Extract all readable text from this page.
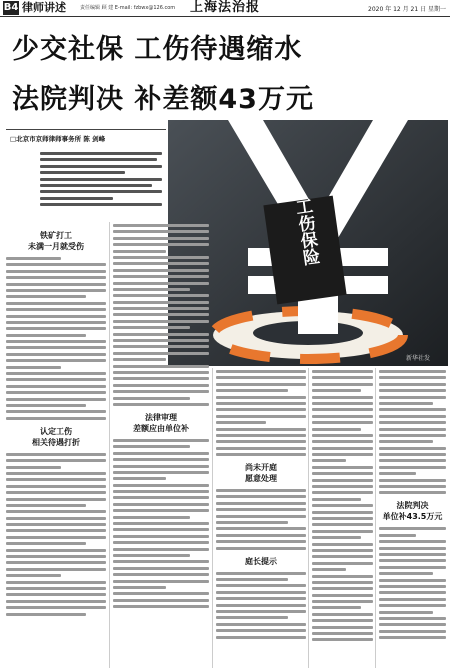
B4 律师讲述	责任编辑 顾 建 E-mail: fzbwx@126.com 上海法治报	2020 年 12 月 21 日 星期一
少交社保 工伤待遇缩水
法院判决 补差额43万元
□北京市京师律师事务所 陈 剑峰
工伤保险
新华社发
铁矿打工
未满一月就受伤
认定工伤
相关待遇打折
法律审理
差额应由单位补
尚未开庭
愿意处理
庭长提示
法院判决
单位补43.5万元
